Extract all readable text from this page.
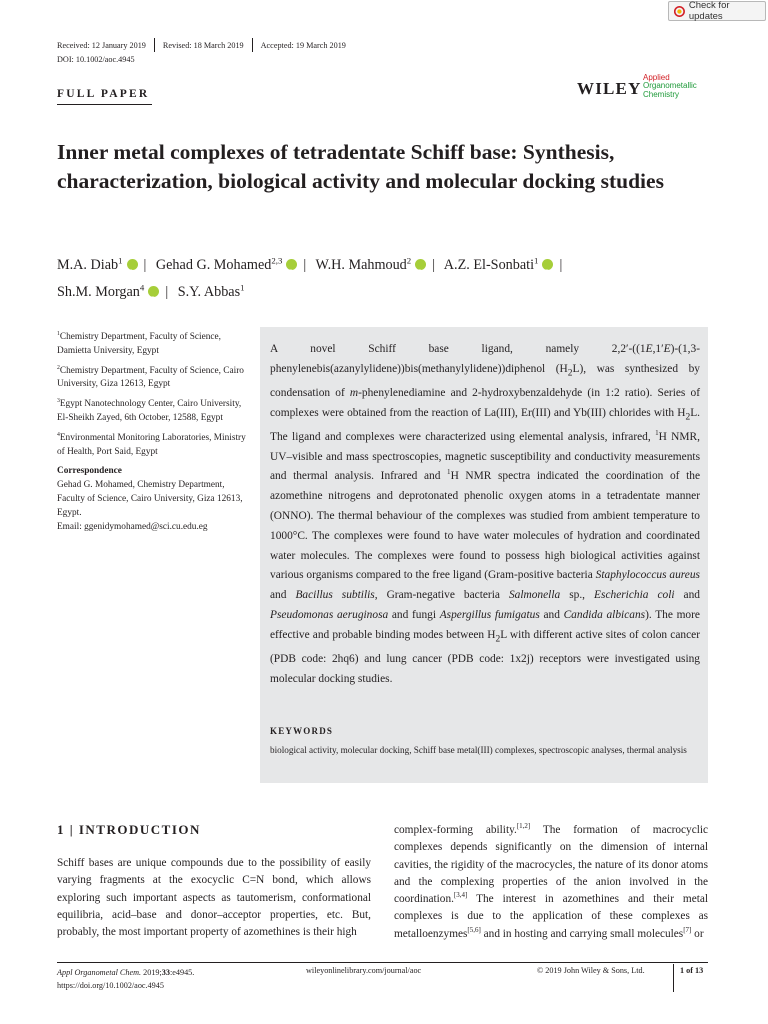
Check for updates
Received: 12 January 2019 Revised: 18 March 2019 Accepted: 19 March 2019
DOI: 10.1002/aoc.4945
FULL PAPER	WILEY
Applied
Organometallic
Chemistry
Inner metal complexes of tetradentate Schiff base: Synthesis, characterization, biological activity and molecular docking studies
M.A. Diab$^1$ iD | Gehad G. Mohamed$^{2,3}$ iD | W.H. Mahmoud$^2$ iD | A.Z. El-Sonbati$^1$ iD |
Sh.M. Morgan$^4$ iD | S.Y. Abbas$^1$
$^1$Chemistry Department, Faculty of Science, Damietta University, Egypt
$^2$Chemistry Department, Faculty of Science, Cairo University, Giza 12613, Egypt
$^3$Egypt Nanotechnology Center, Cairo University, El-Sheikh Zayed, 6th October, 12588, Egypt
$^4$Environmental Monitoring Laboratories, Ministry of Health, Port Said, Egypt
Correspondence
Gehad G. Mohamed, Chemistry Department, Faculty of Science, Cairo University, Giza 12613, Egypt.
Email: ggenidymohamed@sci.cu.edu.eg
A novel Schiff base ligand, namely 2,2′-((1E,1′E)-(1,3-phenylenebis(azanylylidene))bis(methanylylidene))diphenol $(H_2L)$, was synthesized by condensation of m-phenylenediamine and 2-hydroxybenzaldehyde (in 1:2 ratio). Series of complexes were obtained from the reaction of La(III), Er(III) and Yb(III) chlorides with $H_2L$. The ligand and complexes were characterized using elemental analysis, infrared, $^1$H NMR, UV–visible and mass spectroscopies, magnetic susceptibility and conductivity measurements and thermal analysis. Infrared and $^1$H NMR spectra indicated the coordination of the azomethine nitrogens and deprotonated phenolic oxygen atoms in a tetradentate manner (ONNO). The thermal behaviour of the complexes was studied from ambient temperature to 1000°C. The complexes were found to have water molecules of hydration and coordinated water molecules. The complexes were found to possess high biological activities against various organisms compared to the free ligand (Gram-positive bacteria Staphylococcus aureus and Bacillus subtilis, Gram-negative bacteria Salmonella sp., Escherichia coli and Pseudomonas aeruginosa and fungi Aspergillus fumigatus and Candida albicans). The more effective and probable binding modes between $H_2L$ with different active sites of colon cancer (PDB code: 2hq6) and lung cancer (PDB code: 1x2j) receptors were investigated using molecular docking studies.
KEYWORDS
biological activity, molecular docking, Schiff base metal(III) complexes, spectroscopic analyses, thermal analysis
1 | INTRODUCTION
Schiff bases are unique compounds due to the possibility of easily varying fragments at the exocyclic C=N bond, which allows exploring such important aspects as tautomerism, conformational equilibria, acid–base and donor–acceptor properties, etc. But, probably, the most important property of azomethines is their high
complex-forming ability.[1,2] The formation of macrocyclic complexes depends significantly on the dimension of internal cavities, the rigidity of the macrocycles, the nature of its donor atoms and the complexing properties of the anion involved in the coordination.[3,4] The interest in azomethines and their metal complexes is due to the application of these complexes as metalloenzymes[5,6] and in hosting and carrying small molecules[7] or
Appl Organometal Chem. 2019;33:e4945.
https://doi.org/10.1002/aoc.4945
wileyonlinelibrary.com/journal/aoc	© 2019 John Wiley & Sons, Ltd.	1 of 13
